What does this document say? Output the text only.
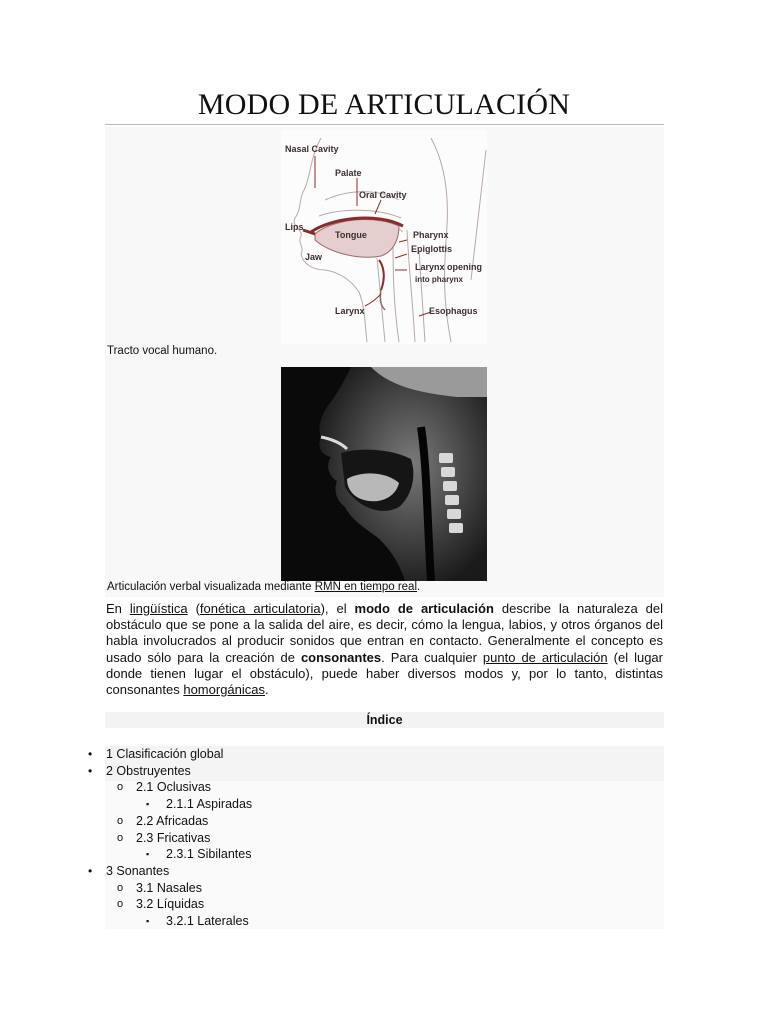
MODO DE ARTICULACIÓN
Nasal Cavity
Palate
Oral Cavity
Lips
Tongue
Jaw
Pharynx
Epiglottis
Larynx opening
into pharynx
Larynx	Esophagus
Tracto vocal humano.
Articulación verbal visualizada mediante RMN en tiempo real.

En lingüística (fonética articulatoria), el modo de articulación describe la naturaleza del obstáculo que se pone a la salida del aire, es decir, cómo la lengua, labios, y otros órganos del habla involucrados al producir sonidos que entran en contacto. Generalmente el concepto es usado sólo para la creación de consonantes. Para cualquier punto de articulación (el lugar donde tienen lugar el obstáculo), puede haber diversos modos y, por lo tanto, distintas consonantes homorgánicas.

Índice
• 1 Clasificación global
• 2 Obstruyentes
o 2.1 Oclusivas
▪ 2.1.1 Aspiradas
o 2.2 Africadas
o 2.3 Fricativas
▪ 2.3.1 Sibilantes
• 3 Sonantes
o 3.1 Nasales
o 3.2 Líquidas
▪ 3.2.1 Laterales
